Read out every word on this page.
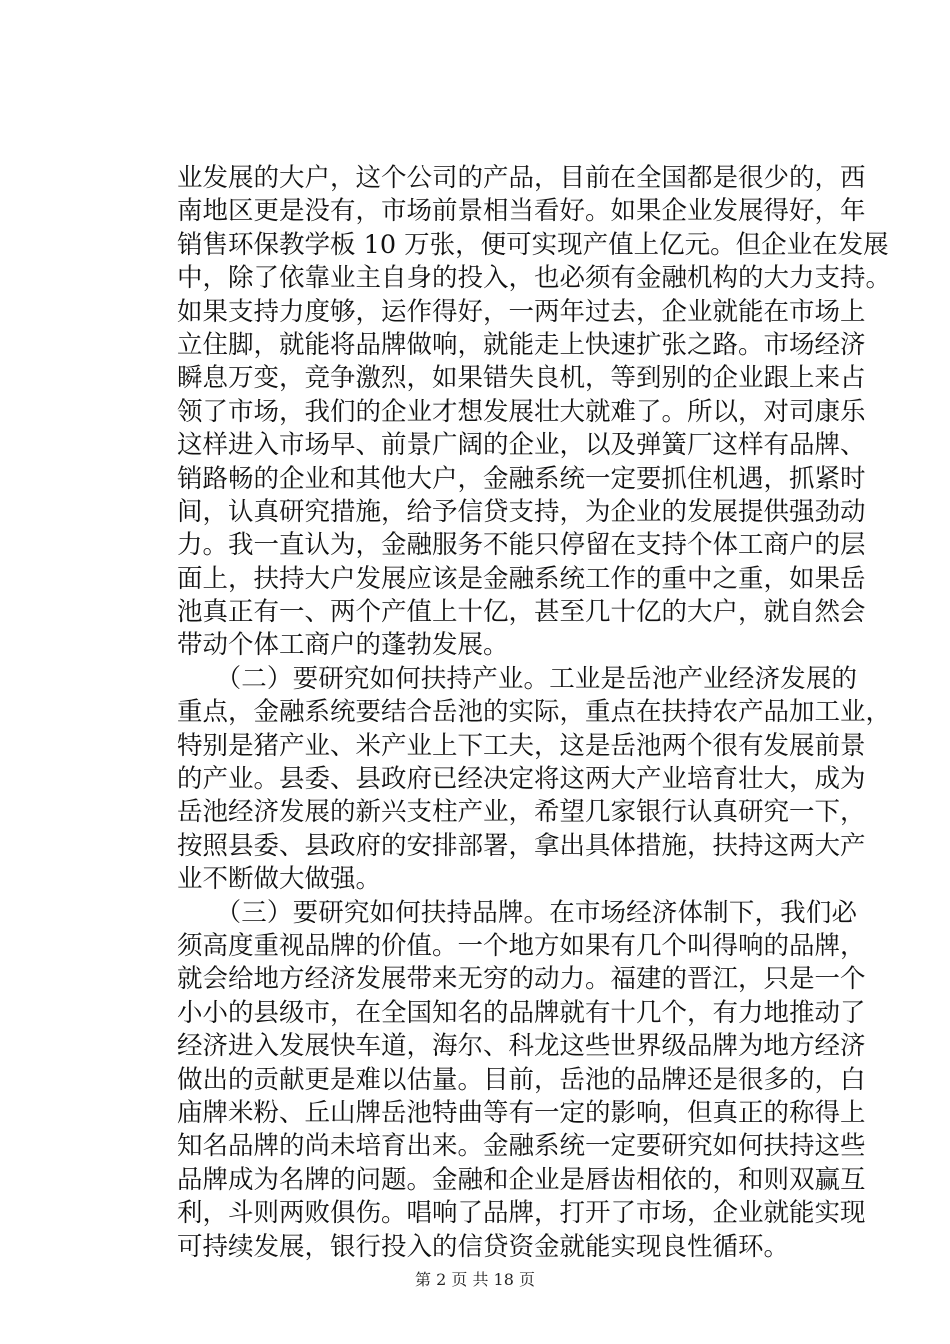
业发展的大户，这个公司的产品，目前在全国都是很少的，西
南地区更是没有，市场前景相当看好。如果企业发展得好，年
销售环保教学板 10 万张，便可实现产值上亿元。但企业在发展
中，除了依靠业主自身的投入，也必须有金融机构的大力支持。
如果支持力度够，运作得好，一两年过去，企业就能在市场上
立住脚，就能将品牌做响，就能走上快速扩张之路。市场经济
瞬息万变，竞争激烈，如果错失良机，等到别的企业跟上来占
领了市场，我们的企业才想发展壮大就难了。所以，对司康乐
这样进入市场早、前景广阔的企业，以及弹簧厂这样有品牌、
销路畅的企业和其他大户，金融系统一定要抓住机遇，抓紧时
间，认真研究措施，给予信贷支持，为企业的发展提供强劲动
力。我一直认为，金融服务不能只停留在支持个体工商户的层
面上，扶持大户发展应该是金融系统工作的重中之重，如果岳
池真正有一、两个产值上十亿，甚至几十亿的大户，就自然会
带动个体工商户的蓬勃发展。
　　（二）要研究如何扶持产业。工业是岳池产业经济发展的
重点，金融系统要结合岳池的实际，重点在扶持农产品加工业，
特别是猪产业、米产业上下工夫，这是岳池两个很有发展前景
的产业。县委、县政府已经决定将这两大产业培育壮大，成为
岳池经济发展的新兴支柱产业，希望几家银行认真研究一下，
按照县委、县政府的安排部署，拿出具体措施，扶持这两大产
业不断做大做强。
　　（三）要研究如何扶持品牌。在市场经济体制下，我们必
须高度重视品牌的价值。一个地方如果有几个叫得响的品牌，
就会给地方经济发展带来无穷的动力。福建的晋江，只是一个
小小的县级市，在全国知名的品牌就有十几个，有力地推动了
经济进入发展快车道，海尔、科龙这些世界级品牌为地方经济
做出的贡献更是难以估量。目前，岳池的品牌还是很多的，白
庙牌米粉、丘山牌岳池特曲等有一定的影响，但真正的称得上
知名品牌的尚未培育出来。金融系统一定要研究如何扶持这些
品牌成为名牌的问题。金融和企业是唇齿相依的，和则双赢互
利，斗则两败俱伤。唱响了品牌，打开了市场，企业就能实现
可持续发展，银行投入的信贷资金就能实现良性循环。
第 2 页 共 18 页
